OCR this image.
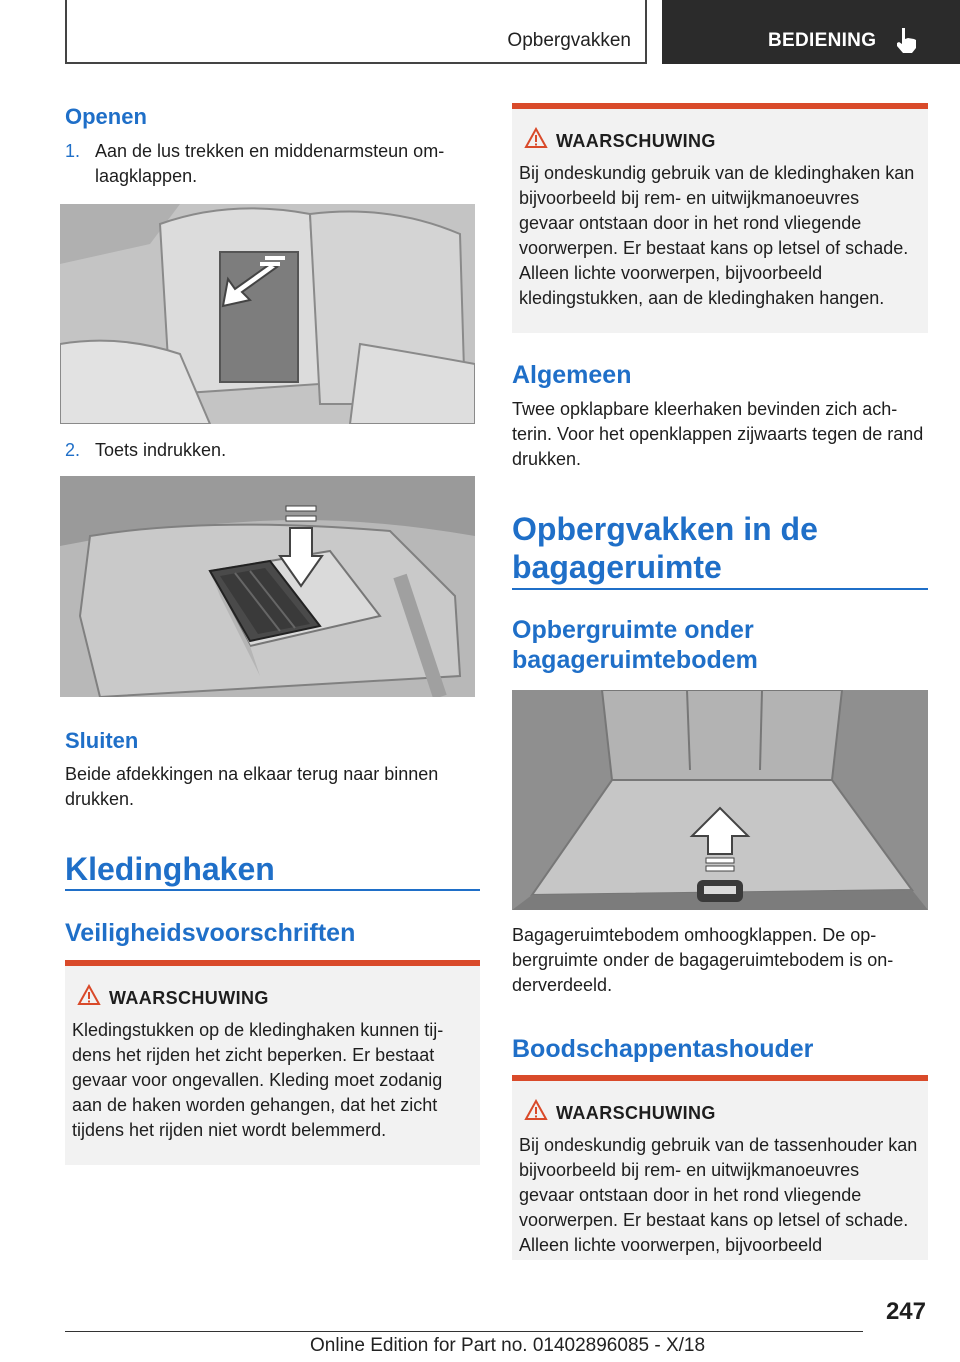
Opbergvakken	BEDIENING
Openen
1. Aan de lus trekken en middenarmsteun omlaagklappen.
2. Toets indrukken.
Sluiten
Beide afdekkingen na elkaar terug naar binnen drukken.
Kledinghaken
Veiligheidsvoorschriften
WAARSCHUWING
Kledingstukken op de kledinghaken kunnen tijdens het rijden het zicht beperken. Er bestaat gevaar voor ongevallen. Kleding moet zodanig aan de haken worden gehangen, dat het zicht tijdens het rijden niet wordt belemmerd.
WAARSCHUWING
Bij ondeskundig gebruik van de kledinghaken kan bijvoorbeeld bij rem- en uitwijkmanoeuvres gevaar ontstaan door in het rond vliegende voorwerpen. Er bestaat kans op letsel of schade. Alleen lichte voorwerpen, bijvoorbeeld kledingstukken, aan de kledinghaken hangen.
Algemeen
Twee opklapbare kleerhaken bevinden zich achterin. Voor het openklappen zijwaarts tegen de rand drukken.
Opbergvakken in de bagageruimte
Opbergruimte onder bagageruimtebodem
Bagageruimtebodem omhoogklappen. De opbergruimte onder de bagageruimtebodem is onderverdeeld.
Boodschappentashouder
WAARSCHUWING
Bij ondeskundig gebruik van de tassenhouder kan bijvoorbeeld bij rem- en uitwijkmanoeuvres gevaar ontstaan door in het rond vliegende voorwerpen. Er bestaat kans op letsel of schade. Alleen lichte voorwerpen, bijvoorbeeld
247
Online Edition for Part no. 01402896085 - X/18
